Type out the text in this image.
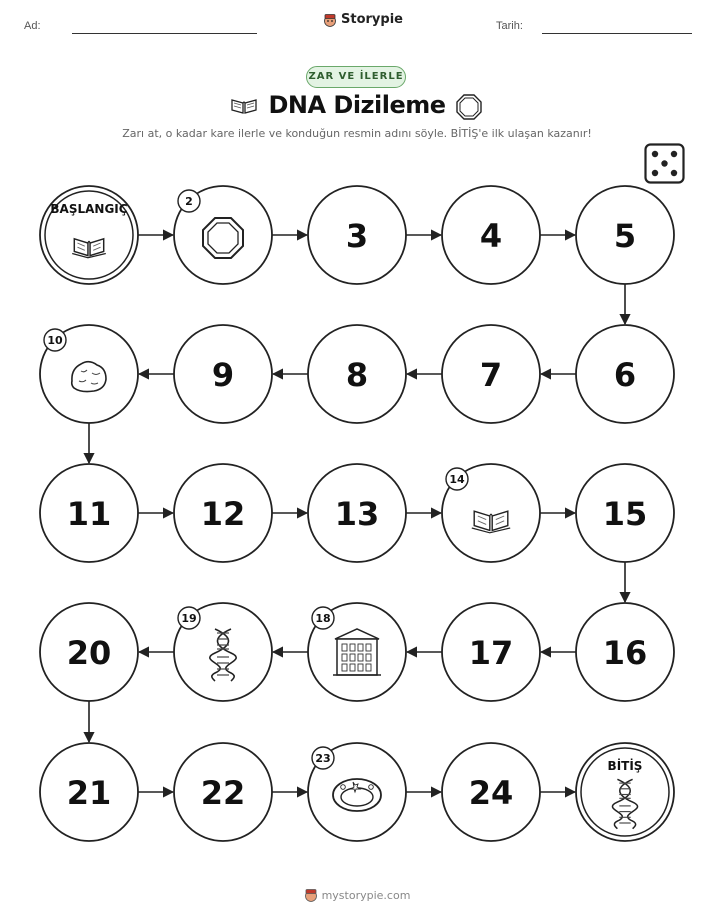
Ad:	Storypie	Tarih:
ZAR VE İLERLE
DNA Dizileme
Zarı at, o kadar kare ilerle ve konduğun resmin adını söyle. BİTİŞ'e ilk ulaşan kazanır!
BAŞLANGIÇ
2
3	4	5
6
7
8
9
10
11	12	13
14
15
16
17
18
19
20
21	22
23
24
BİTİŞ
mystorypie.com
